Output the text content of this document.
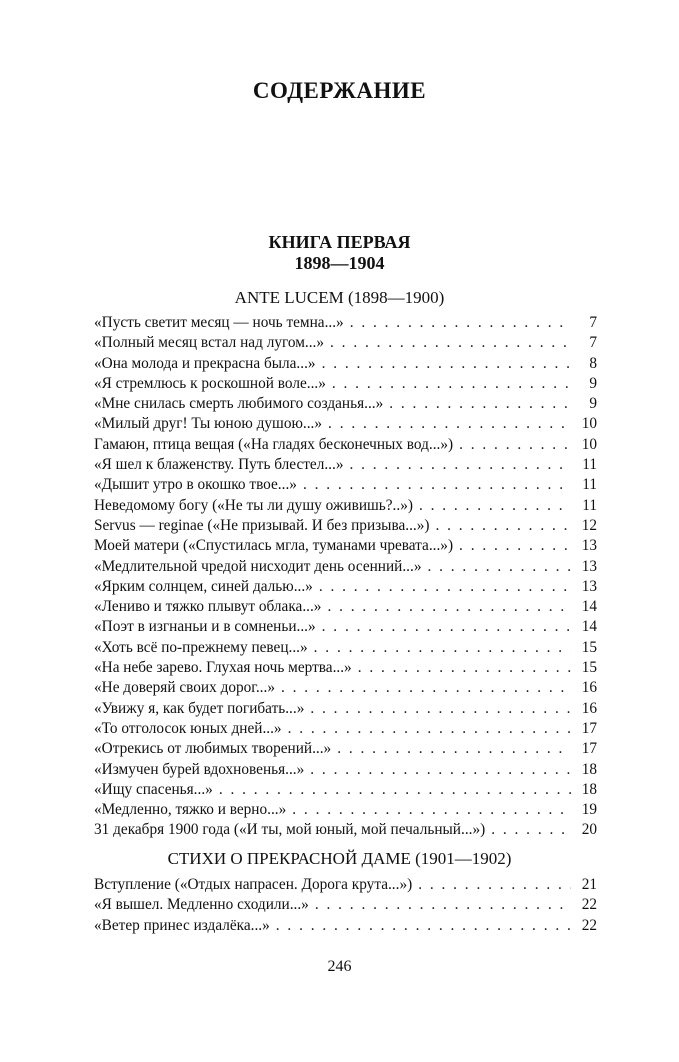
СОДЕРЖАНИЕ
КНИГА ПЕРВАЯ
1898—1904
ANTE LUCEM (1898—1900)
«Пусть светит месяц — ночь темна...» . . .	7
«Полный месяц встал над лугом...» . . .	7
«Она молода и прекрасна была...» . . .	8
«Я стремлюсь к роскошной воле...» . . .	9
«Мне снилась смерть любимого созданья...» . . .	9
«Милый друг! Ты юною душою...» . . .	10
Гамаюн, птица вещая («На гладях бесконечных вод...») . . .	10
«Я шел к блаженству. Путь блестел...» . . .	11
«Дышит утро в окошко твое...» . . .	11
Неведомому богу («Не ты ли душу оживишь?..») . . .	11
Servus — reginae («Не призывай. И без призыва...») . . .	12
Моей матери («Спустилась мгла, туманами чревата...») . . .	13
«Медлительной чредой нисходит день осенний...» . . .	13
«Ярким солнцем, синей далью...» . . .	13
«Лениво и тяжко плывут облака...» . . .	14
«Поэт в изгнаньи и в сомненьи...» . . .	14
«Хоть всё по-прежнему певец...» . . .	15
«На небе зарево. Глухая ночь мертва...» . . .	15
«Не доверяй своих дорог...» . . .	16
«Увижу я, как будет погибать...» . . .	16
«То отголосок юных дней...» . . .	17
«Отрекись от любимых творений...» . . .	17
«Измучен бурей вдохновенья...» . . .	18
«Ищу спасенья...» . . .	18
«Медленно, тяжко и верно...» . . .	19
31 декабря 1900 года («И ты, мой юный, мой печальный...») . . .	20
СТИХИ О ПРЕКРАСНОЙ ДАМЕ (1901—1902)
Вступление («Отдых напрасен. Дорога крута...») . . .	21
«Я вышел. Медленно сходили...» . . .	22
«Ветер принес издалёка...» . . .	22
246
